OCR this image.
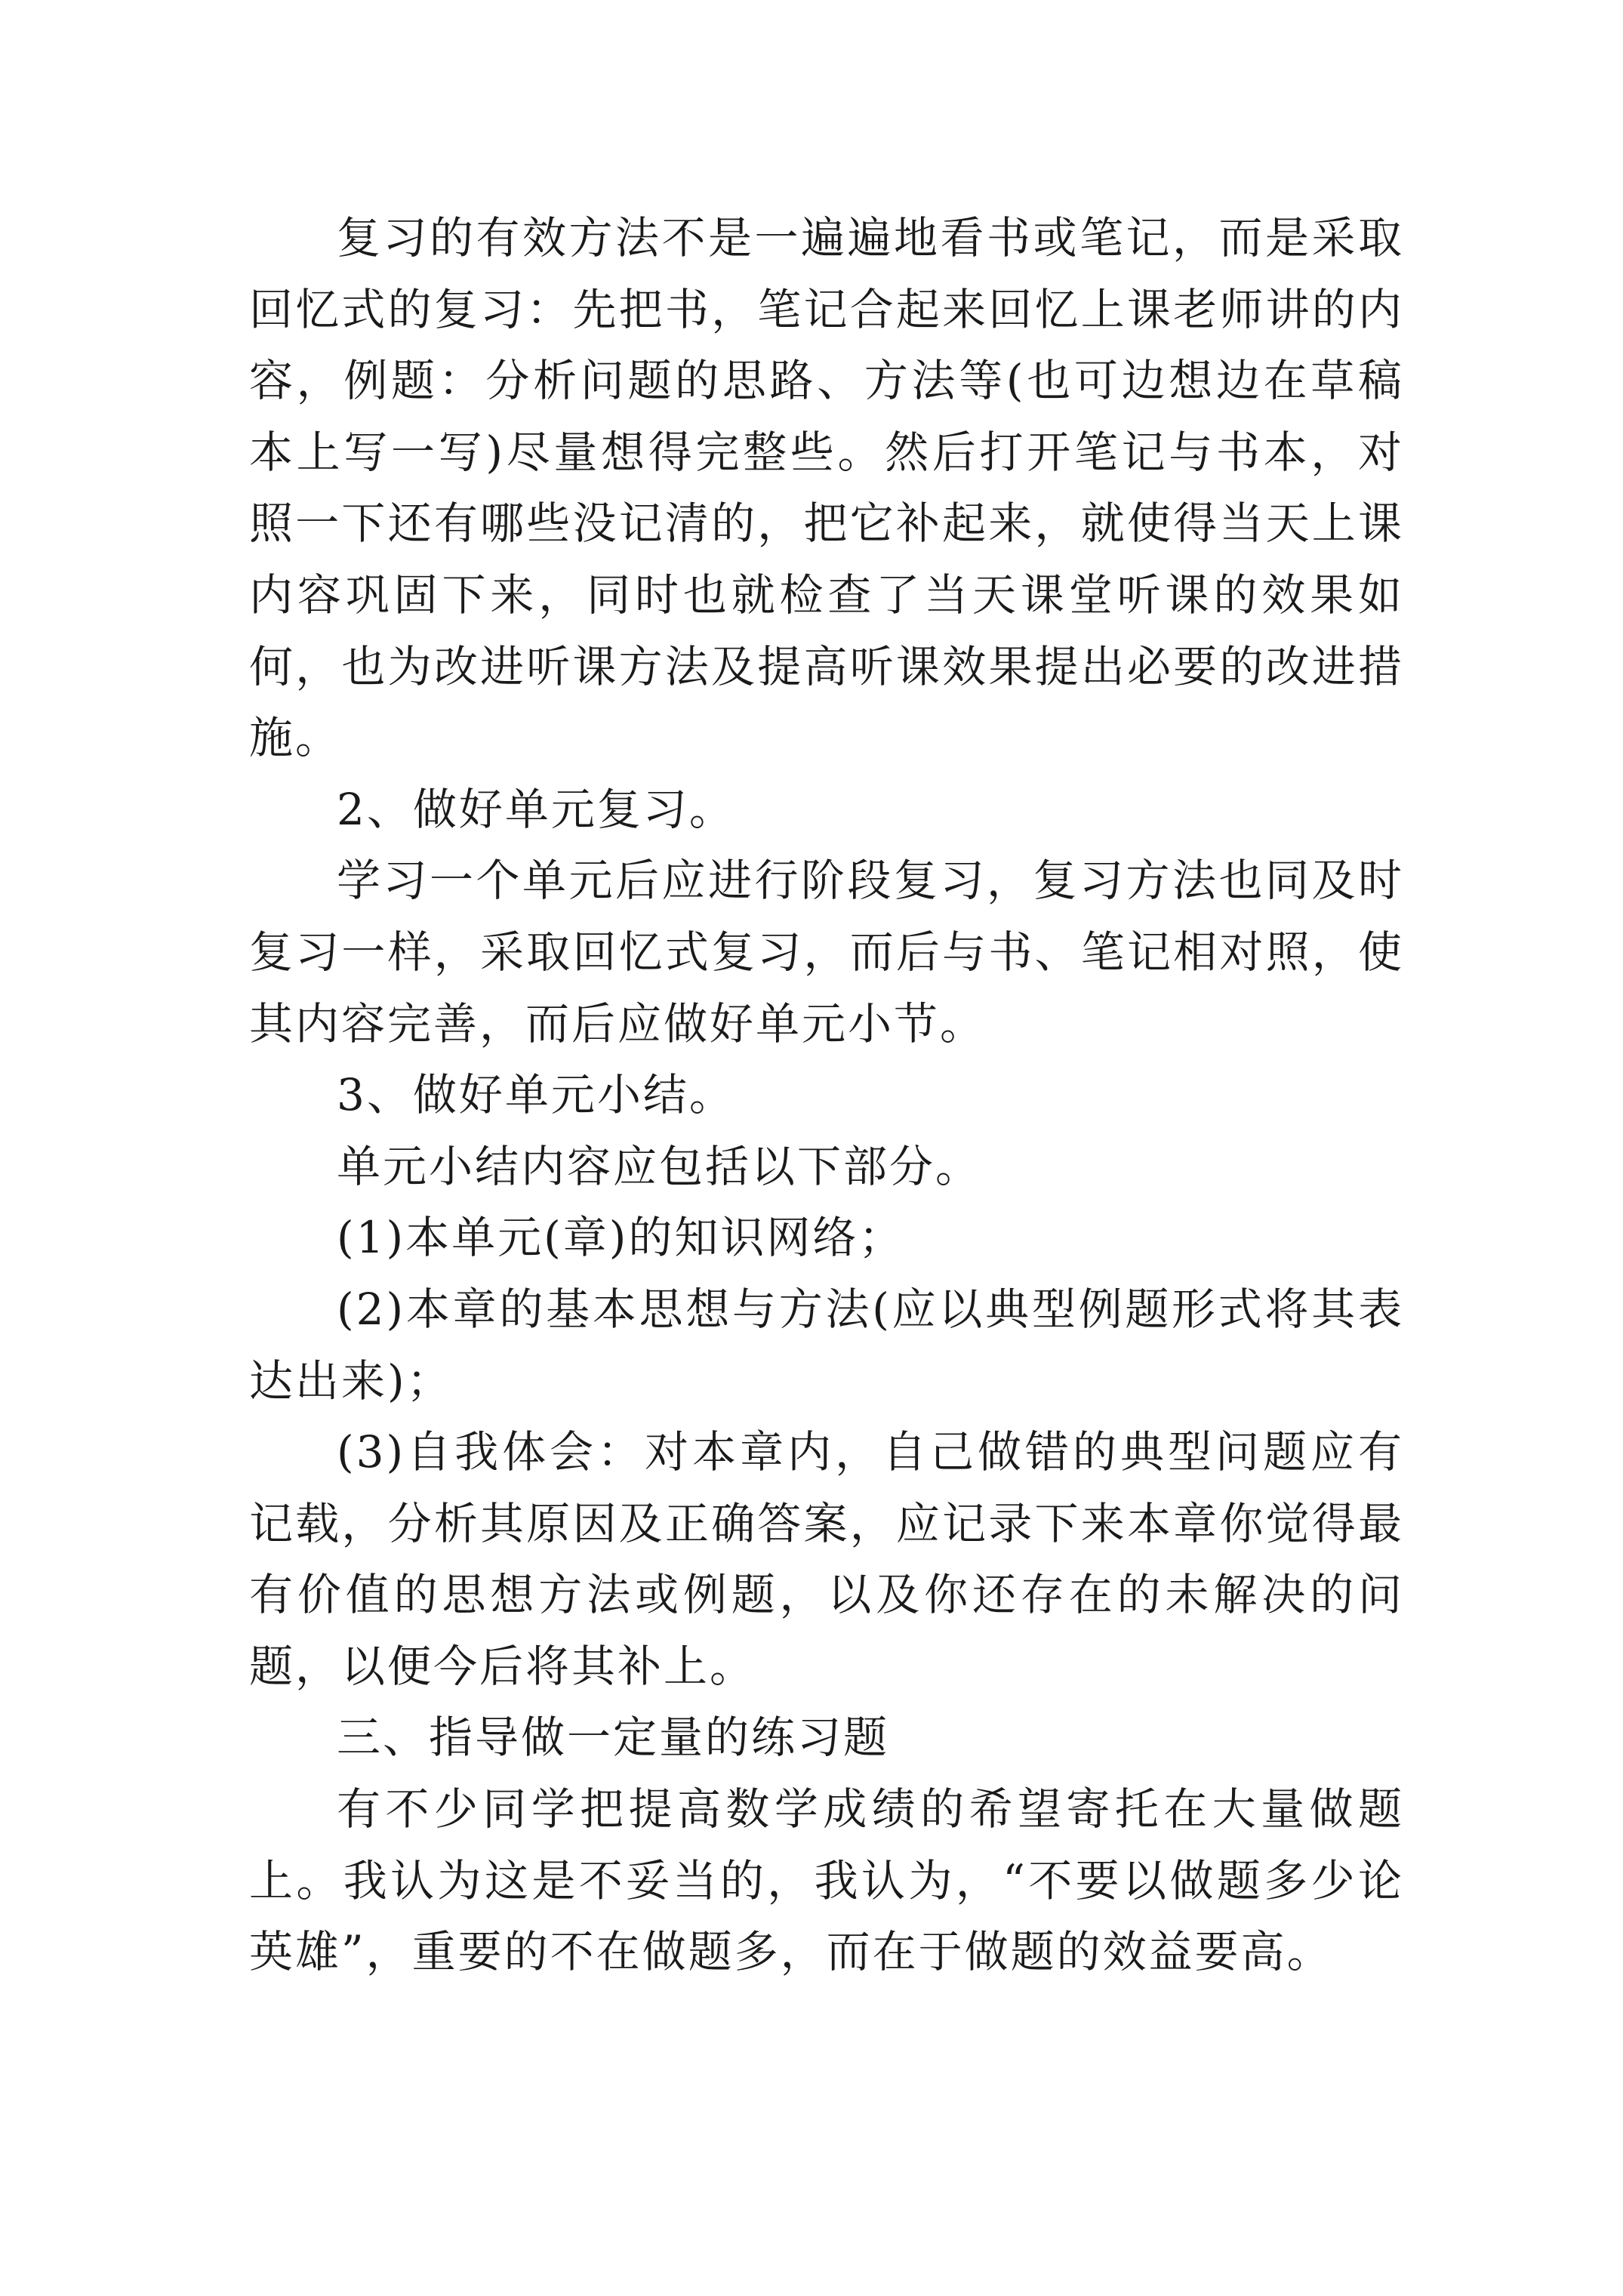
复习的有效方法不是一遍遍地看书或笔记，而是采取回忆式的复习：先把书，笔记合起来回忆上课老师讲的内容，例题：分析问题的思路、方法等(也可边想边在草稿本上写一写)尽量想得完整些。然后打开笔记与书本，对照一下还有哪些没记清的，把它补起来，就使得当天上课内容巩固下来，同时也就检查了当天课堂听课的效果如何，也为改进听课方法及提高听课效果提出必要的改进措施。

2、做好单元复习。

学习一个单元后应进行阶段复习，复习方法也同及时复习一样，采取回忆式复习，而后与书、笔记相对照，使其内容完善，而后应做好单元小节。

3、做好单元小结。

单元小结内容应包括以下部分。

(1)本单元(章)的知识网络；

(2)本章的基本思想与方法(应以典型例题形式将其表达出来)；

(3)自我体会：对本章内，自己做错的典型问题应有记载，分析其原因及正确答案，应记录下来本章你觉得最有价值的思想方法或例题，以及你还存在的未解决的问题，以便今后将其补上。

三、指导做一定量的练习题

有不少同学把提高数学成绩的希望寄托在大量做题上。我认为这是不妥当的，我认为，“不要以做题多少论英雄”，重要的不在做题多，而在于做题的效益要高。
